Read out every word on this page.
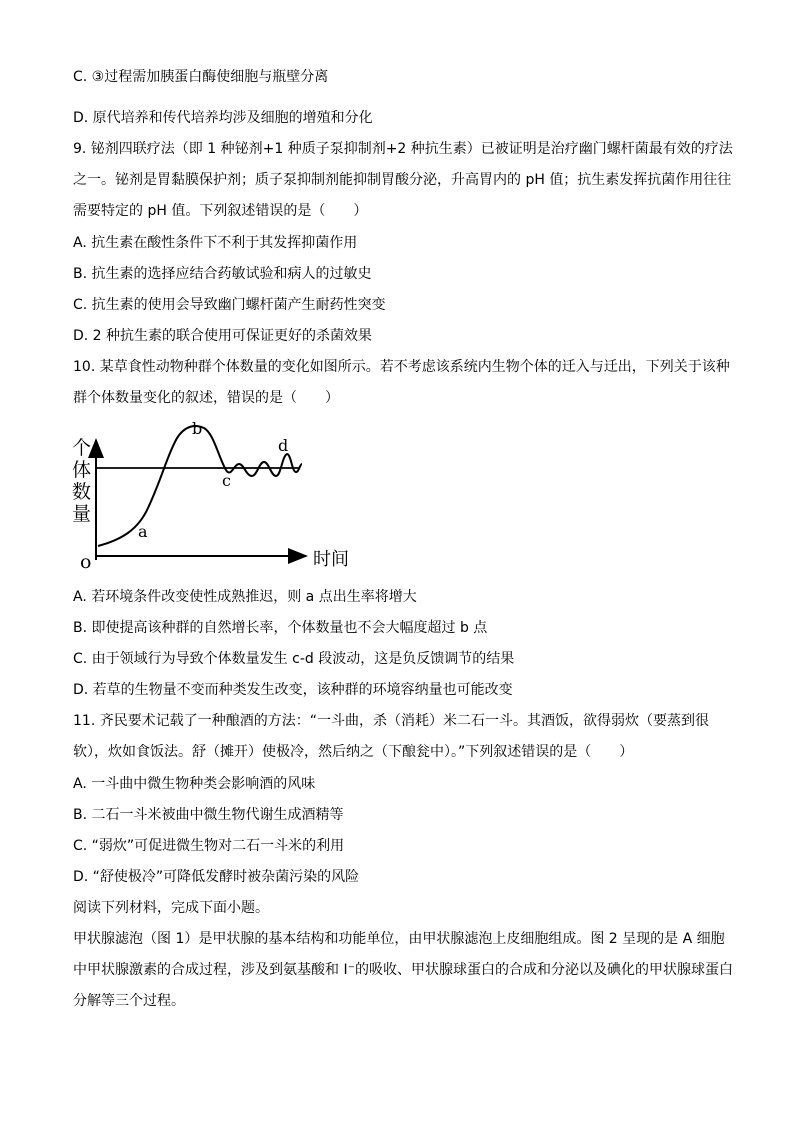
C. ③过程需加胰蛋白酶使细胞与瓶壁分离
D. 原代培养和传代培养均涉及细胞的增殖和分化
9. 铋剂四联疗法（即 1 种铋剂+1 种质子泵抑制剂+2 种抗生素）已被证明是治疗幽门螺杆菌最有效的疗法之一。铋剂是胃黏膜保护剂；质子泵抑制剂能抑制胃酸分泌，升高胃内的 pH 值；抗生素发挥抗菌作用往往需要特定的 pH 值。下列叙述错误的是（　　）
A. 抗生素在酸性条件下不利于其发挥抑菌作用
B. 抗生素的选择应结合药敏试验和病人的过敏史
C. 抗生素的使用会导致幽门螺杆菌产生耐药性突变
D. 2 种抗生素的联合使用可保证更好的杀菌效果
10. 某草食性动物种群个体数量的变化如图所示。若不考虑该系统内生物个体的迁入与迁出，下列关于该种群个体数量变化的叙述，错误的是（　　）
个
体
数
量
o	时间
a
b
c
d
A. 若环境条件改变使性成熟推迟，则 a 点出生率将增大
B. 即使提高该种群的自然增长率，个体数量也不会大幅度超过 b 点
C. 由于领域行为导致个体数量发生 c-d 段波动，这是负反馈调节的结果
D. 若草的生物量不变而种类发生改变，该种群的环境容纳量也可能改变
11. 齐民要术记载了一种酿酒的方法：“一斗曲，杀（消耗）米二石一斗。其酒饭，欲得弱炊（要蒸到很软），炊如食饭法。舒（摊开）使极冷，然后纳之（下酿瓮中）。”下列叙述错误的是（　　）
A. 一斗曲中微生物种类会影响酒的风味
B. 二石一斗米被曲中微生物代谢生成酒精等
C. “弱炊”可促进微生物对二石一斗米的利用
D. “舒使极冷”可降低发酵时被杂菌污染的风险
阅读下列材料，完成下面小题。
甲状腺滤泡（图 1）是甲状腺的基本结构和功能单位，由甲状腺滤泡上皮细胞组成。图 2 呈现的是 A 细胞中甲状腺激素的合成过程，涉及到氨基酸和 I⁻的吸收、甲状腺球蛋白的合成和分泌以及碘化的甲状腺球蛋白分解等三个过程。
